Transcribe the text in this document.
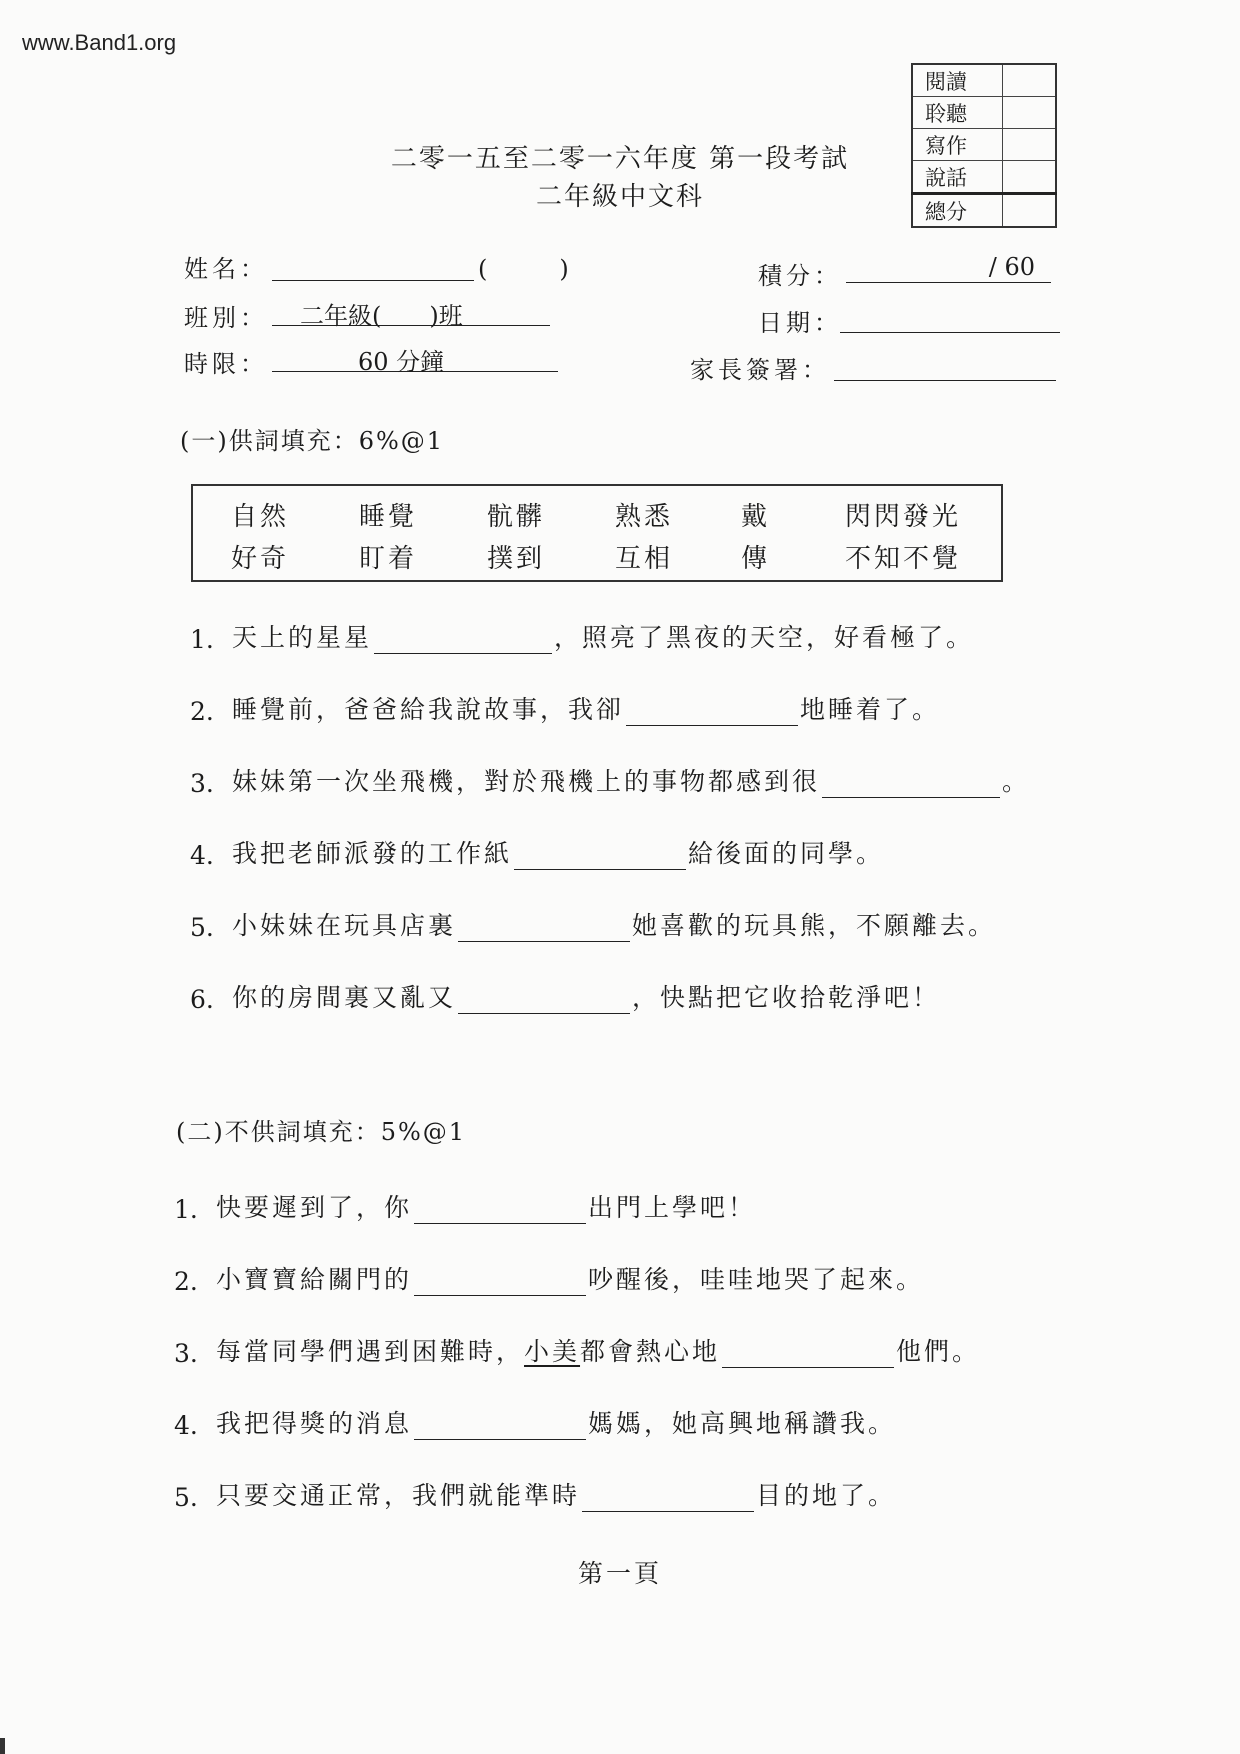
www.Band1.org
閱讀	
聆聽	
寫作	
說話	
總分	
二零一五至二零一六年度 第一段考試
二年級中文科
姓名：	(　　)	積分：	/ 60
班別：	二年級(　　)班	日期：
時限：	60 分鐘	家長簽署：
(一)供詞填充：6%@1
自然	睡覺	骯髒	熟悉	戴	閃閃發光
好奇	盯着	撲到	互相	傳	不知不覺
1. 天上的星星	，照亮了黑夜的天空，好看極了。
2. 睡覺前，爸爸給我說故事，我卻	地睡着了。
3. 妹妹第一次坐飛機，對於飛機上的事物都感到很	。
4. 我把老師派發的工作紙	給後面的同學。
5. 小妹妹在玩具店裏	她喜歡的玩具熊，不願離去。
6. 你的房間裏又亂又	，快點把它收拾乾淨吧！
(二)不供詞填充：5%@1
1. 快要遲到了，你	出門上學吧！
2. 小寶寶給關門的	吵醒後，哇哇地哭了起來。
3. 每當同學們遇到困難時， 小美 都會熱心地	他們。
4. 我把得獎的消息	媽媽，她高興地稱讚我。
5. 只要交通正常，我們就能準時	目的地了。
第一頁
